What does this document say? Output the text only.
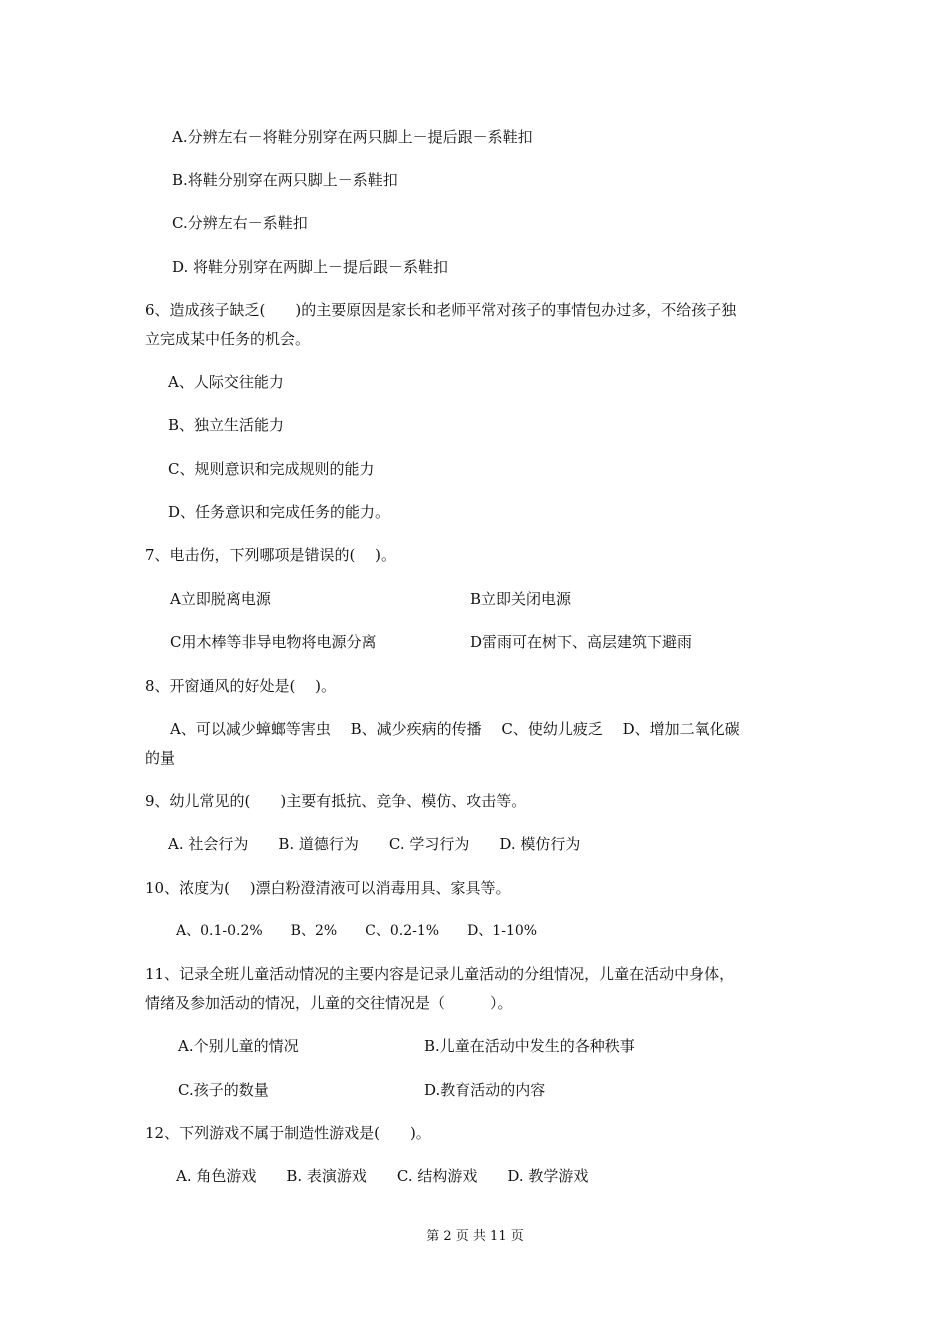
A.分辨左右－将鞋分别穿在两只脚上－提后跟－系鞋扣

B.将鞋分别穿在两只脚上－系鞋扣

C.分辨左右－系鞋扣

D. 将鞋分别穿在两脚上－提后跟－系鞋扣

6、造成孩子缺乏(　　)的主要原因是家长和老师平常对孩子的事情包办过多，不给孩子独

立完成某中任务的机会。

A、人际交往能力

B、独立生活能力

C、规则意识和完成规则的能力

D、任务意识和完成任务的能力。

7、电击伤，下列哪项是错误的(　 )。

A立即脱离电源	B立即关闭电源

C用木棒等非导电物将电源分离	D雷雨可在树下、高层建筑下避雨

8、开窗通风的好处是(　 )。

A、可以减少蟑螂等害虫　 B、减少疾病的传播　 C、使幼儿疲乏　 D、增加二氧化碳

的量

9、幼儿常见的(　　)主要有抵抗、竞争、模仿、攻击等。

A. 社会行为　　B. 道德行为　　C. 学习行为　　D. 模仿行为

10、浓度为(　 )漂白粉澄清液可以消毒用具、家具等。

A、0.1-0.2%　　B、2%　　C、0.2-1%　　D、1-10%

11、记录全班儿童活动情况的主要内容是记录儿童活动的分组情况，儿童在活动中身体，

情绪及参加活动的情况，儿童的交往情况是（　　　）。

A.个别儿童的情况	B.儿童在活动中发生的各种秩事

C.孩子的数量	D.教育活动的内容

12、下列游戏不属于制造性游戏是(　　)。

A. 角色游戏　　B. 表演游戏　　C. 结构游戏　　D. 教学游戏

第 2 页 共 11 页
